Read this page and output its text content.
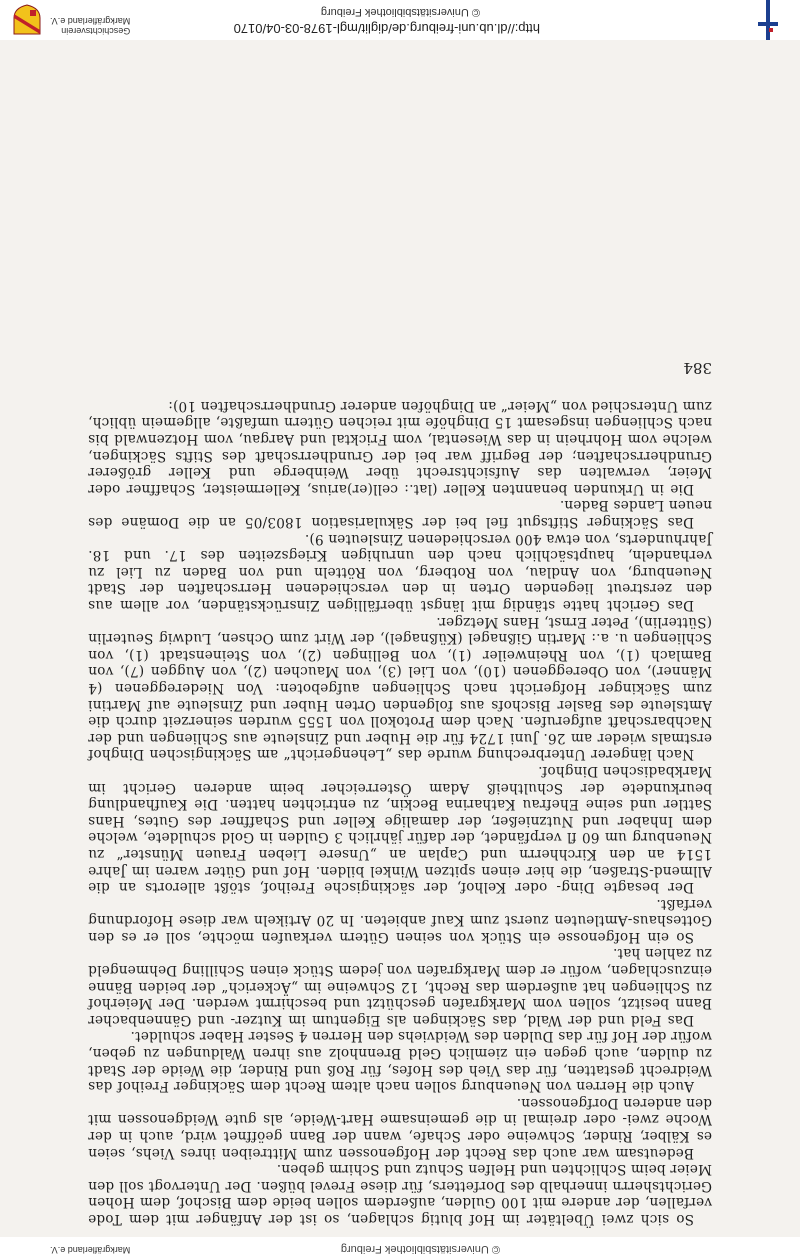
© Universitätsbibliothek Freiburg
http://dl.ub.uni-freiburg.de/diglit/mgl-1978-03-04/0170
Geschichtsverein
Markgräflerland e.V.
384

So sich zwei Übeltäter im Hof blutig schlagen, so ist der Anfänger mit dem Tode verfallen, der andere mit 100 Gulden, außerdem sollen beide dem Bischof, dem Hohen Gerichtsherrn innerhalb des Dorfetters, für diese Frevel büßen. Der Untervogt soll den Meier beim Schlichten und Helfen Schutz und Schirm geben.

Bedeutsam war auch das Recht der Hofgenossen zum Mittreiben ihres Viehs, seien es Kälber, Rinder, Schweine oder Schafe, wann der Bann geöffnet wird, auch in der Woche zwei- oder dreimal in die gemeinsame Hart-Weide, als gute Weidgenossen mit den anderen Dorfgenossen.

Auch die Herren von Neuenburg sollen nach altem Recht dem Säckinger Freihof das Weidrecht gestatten, für das Vieh des Hofes, für Roß und Rinder, die Weide der Stadt zu dulden, auch gegen ein ziemlich Geld Brennholz aus ihren Waldungen zu geben, wofür der Hof für das Dulden des Weidviehs den Herren 4 Sester Haber schuldet.

Das Feld und der Wald, das Säckingen als Eigentum im Kutzer- und Gännenbacher Bann besitzt, sollen vom Markgrafen geschützt und beschirmt werden. Der Meierhof zu Schliengen hat außerdem das Recht, 12 Schweine im „Äckerich“ der beiden Bänne einzuschlagen, wofür er dem Markgrafen von jedem Stück einen Schilling Dehmengeld zu zahlen hat.

So ein Hofgenosse ein Stück von seinen Gütern verkaufen möchte, soll er es den Gotteshaus-Amtleuten zuerst zum Kauf anbieten. In 20 Artikeln war diese Hofordnung verfaßt.

Der besagte Ding- oder Kelhof, der säckingische Freihof, stößt allerorts an die Allmend-Straßen, die hier einen spitzen Winkel bilden. Hof und Güter waren im Jahre 1514 an den Kirchherrn und Caplan an „Unsere Lieben Frauen Münster“ zu Neuenburg um 60 fl verpfändet, der dafür jährlich 3 Gulden in Gold schuldete, welche dem Inhaber und Nutznießer, der damalige Keller und Schaffner des Gutes, Hans Sattler und seine Ehefrau Katharina Beckin, zu entrichten hatten. Die Kaufhandlung beurkundete der Schultheiß Adam Österreicher beim anderen Gericht im Markbadischen Dinghof.

Nach längerer Unterbrechung wurde das „Lehengericht“ am Säckingischen Dinghof erstmals wieder am 26. Juni 1724 für die Huber und Zinsleute aus Schliengen und der Nachbarschaft aufgerufen. Nach dem Protokoll von 1555 wurden seinerzeit durch die Amtsleute des Basler Bischofs aus folgenden Orten Huber und Zinsleute auf Martini zum Säckinger Hofgericht nach Schliengen aufgeboten: Von Niedereggenen (4 Männer), von Obereggenen (10), von Liel (3), von Mauchen (2), von Auggen (7), von Bamlach (1), von Rheinweiler (1), von Bellingen (2), von Steinenstadt (1), von Schliengen u. a.: Martin Gißnagel (Küßnagel), der Wirt zum Ochsen, Ludwig Seuterlin (Sütterlin), Peter Ernst, Hans Metzger.

Das Gericht hatte ständig mit längst überfälligen Zinsrückständen, vor allem aus den zerstreut liegenden Orten in den verschiedenen Herrschaften der Stadt Neuenburg, von Andlau, von Rotberg, von Rötteln und von Baden zu Liel zu verhandeln, hauptsächlich nach den unruhigen Kriegszeiten des 17. und 18. Jahrhunderts, von etwa 400 verschiedenen Zinsleuten 9).

Das Säckinger Stiftsgut fiel bei der Säkularisation 1803/05 an die Domäne des neuen Landes Baden.

Die in Urkunden benannten Keller (lat.: cell(er)arius, Kellermeister, Schaffner oder Meier, verwalten das Aufsichtsrecht über Weinberge und Keller größerer Grundherrschaften; der Begriff war bei der Grundherrschaft des Stifts Säckingen, welche vom Hohrhein in das Wiesental, vom Fricktal und Aargau, vom Hotzenwald bis nach Schliengen insgesamt 15 Dinghöfe mit reichen Gütern umfaßte, allgemein üblich, zum Unterschied von „Meier“ an Dinghöfen anderer Grundherrschaften 10):

© Universitätsbibliothek Freiburg
Markgräflerland e.V.
